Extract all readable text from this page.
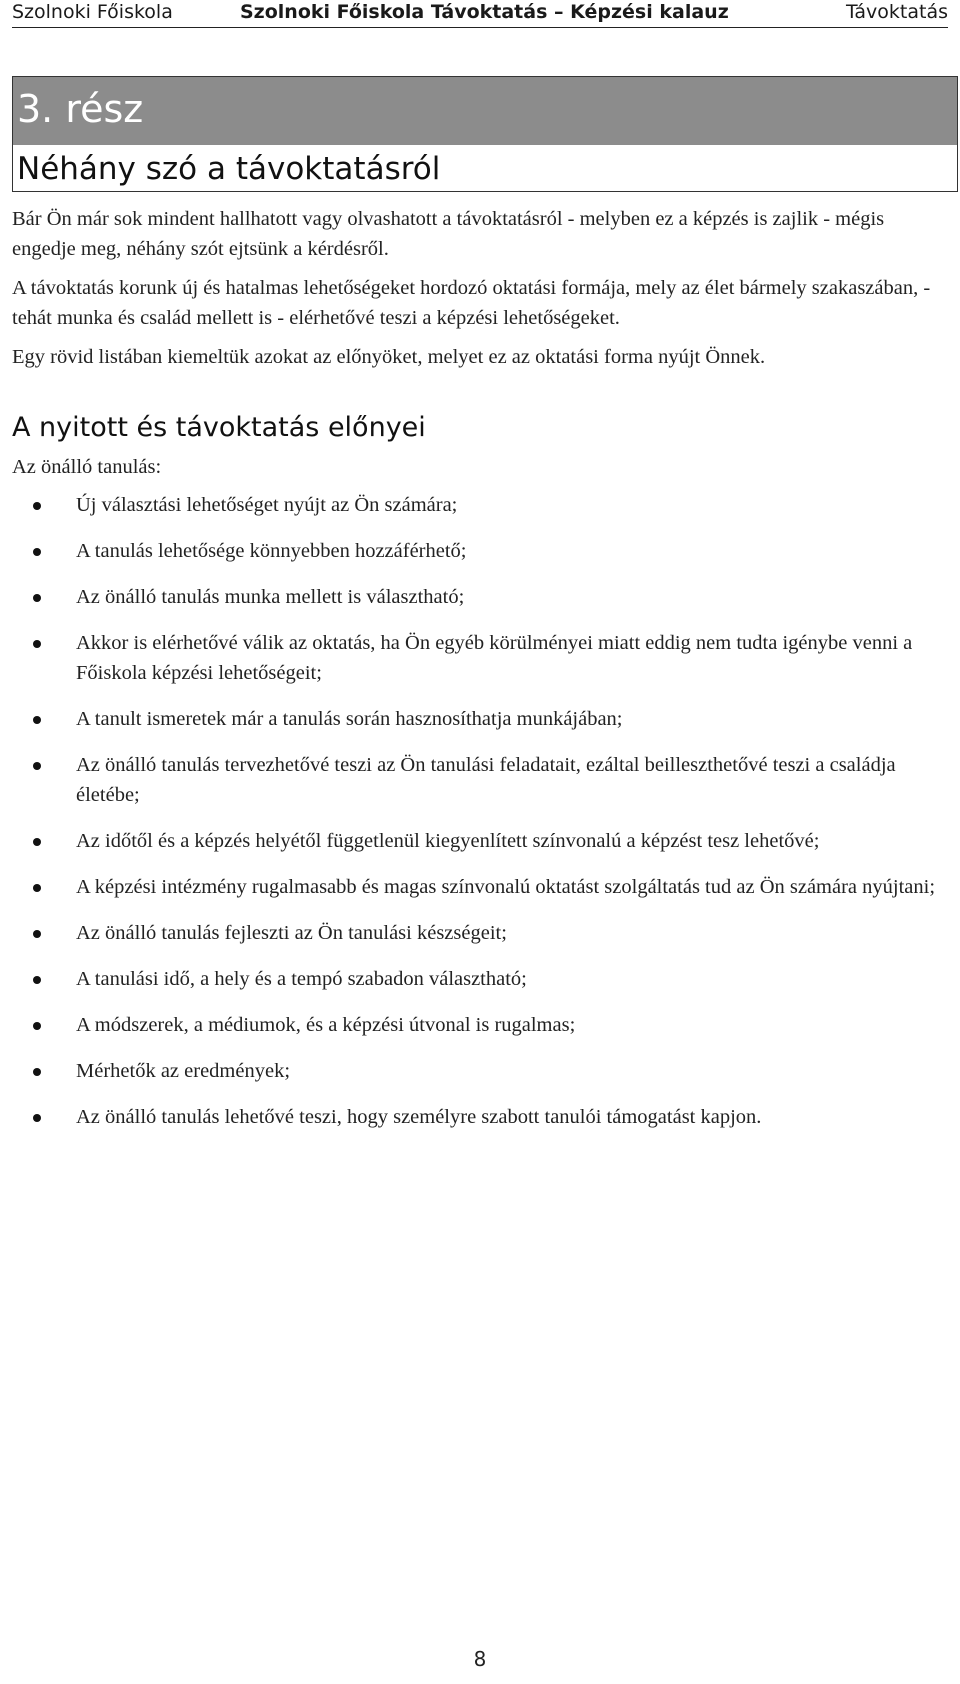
Szolnoki Főiskola	Szolnoki Főiskola Távoktatás – Képzési kalauz	Távoktatás
3. rész
Néhány szó a távoktatásról

Bár Ön már sok mindent hallhatott vagy olvashatott a távoktatásról - melyben ez a képzés is zajlik - mégis engedje meg, néhány szót ejtsünk a kérdésről.

A távoktatás korunk új és hatalmas lehetőségeket hordozó oktatási formája, mely az élet bármely szakaszában, - tehát munka és család mellett is - elérhetővé teszi a képzési lehetőségeket.

Egy rövid listában kiemeltük azokat az előnyöket, melyet ez az oktatási forma nyújt Önnek.

A nyitott és távoktatás előnyei

Az önálló tanulás:

Új választási lehetőséget nyújt az Ön számára;
A tanulás lehetősége könnyebben hozzáférhető;
Az önálló tanulás munka mellett is választható;
Akkor is elérhetővé válik az oktatás, ha Ön egyéb körülményei miatt eddig nem tudta igénybe venni a Főiskola képzési lehetőségeit;
A tanult ismeretek már a tanulás során hasznosíthatja munkájában;
Az önálló tanulás tervezhetővé teszi az Ön tanulási feladatait, ezáltal beilleszthetővé teszi a családja életébe;
Az időtől és a képzés helyétől függetlenül kiegyenlített színvonalú a képzést tesz lehetővé;
A képzési intézmény rugalmasabb és magas színvonalú oktatást szolgáltatás tud az Ön számára nyújtani;
Az önálló tanulás fejleszti az Ön tanulási készségeit;
A tanulási idő, a hely és a tempó szabadon választható;
A módszerek, a médiumok, és a képzési útvonal is rugalmas;
Mérhetők az eredmények;
Az önálló tanulás lehetővé teszi, hogy személyre szabott tanulói támogatást kapjon.
8
